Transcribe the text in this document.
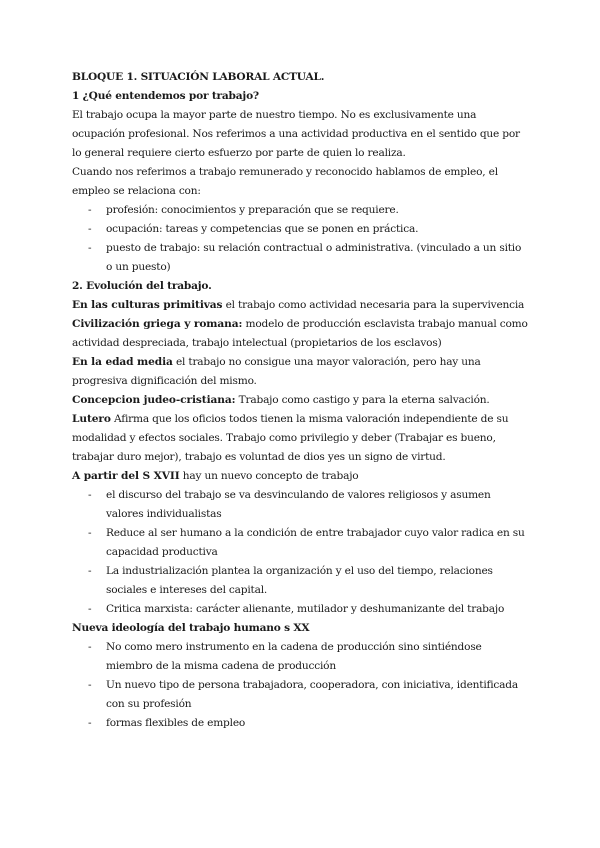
BLOQUE 1. SITUACIÓN LABORAL ACTUAL.

1 ¿Qué entendemos por trabajo?

El trabajo ocupa la mayor parte de nuestro tiempo. No es exclusivamente una ocupación profesional. Nos referimos a una actividad productiva en el sentido que por lo general requiere cierto esfuerzo por parte de quien lo realiza.

Cuando nos referimos a trabajo remunerado y reconocido hablamos de empleo, el empleo se relaciona con:

- profesión: conocimientos y preparación que se requiere.
- ocupación: tareas y competencias que se ponen en práctica.
- puesto de trabajo: su relación contractual o administrativa. (vinculado a un sitio o un puesto)

2. Evolución del trabajo.

En las culturas primitivas el trabajo como actividad necesaria para la supervivencia

Civilización griega y romana: modelo de producción esclavista trabajo manual como actividad despreciada, trabajo intelectual (propietarios de los esclavos)

En la edad media el trabajo no consigue una mayor valoración, pero hay una progresiva dignificación del mismo.

Concepcion judeo-cristiana: Trabajo como castigo y para la eterna salvación.

Lutero Afirma que los oficios todos tienen la misma valoración independiente de su modalidad y efectos sociales. Trabajo como privilegio y deber (Trabajar es bueno, trabajar duro mejor), trabajo es voluntad de dios yes un signo de virtud.

A partir del S XVII hay un nuevo concepto de trabajo

- el discurso del trabajo se va desvinculando de valores religiosos y asumen valores individualistas
- Reduce al ser humano a la condición de entre trabajador cuyo valor radica en su capacidad productiva
- La industrialización plantea la organización y el uso del tiempo, relaciones sociales e intereses del capital.
- Critica marxista: carácter alienante, mutilador y deshumanizante del trabajo

Nueva ideología del trabajo humano s XX

- No como mero instrumento en la cadena de producción sino sintiéndose miembro de la misma cadena de producción
- Un nuevo tipo de persona trabajadora, cooperadora, con iniciativa, identificada con su profesión
- formas flexibles de empleo
